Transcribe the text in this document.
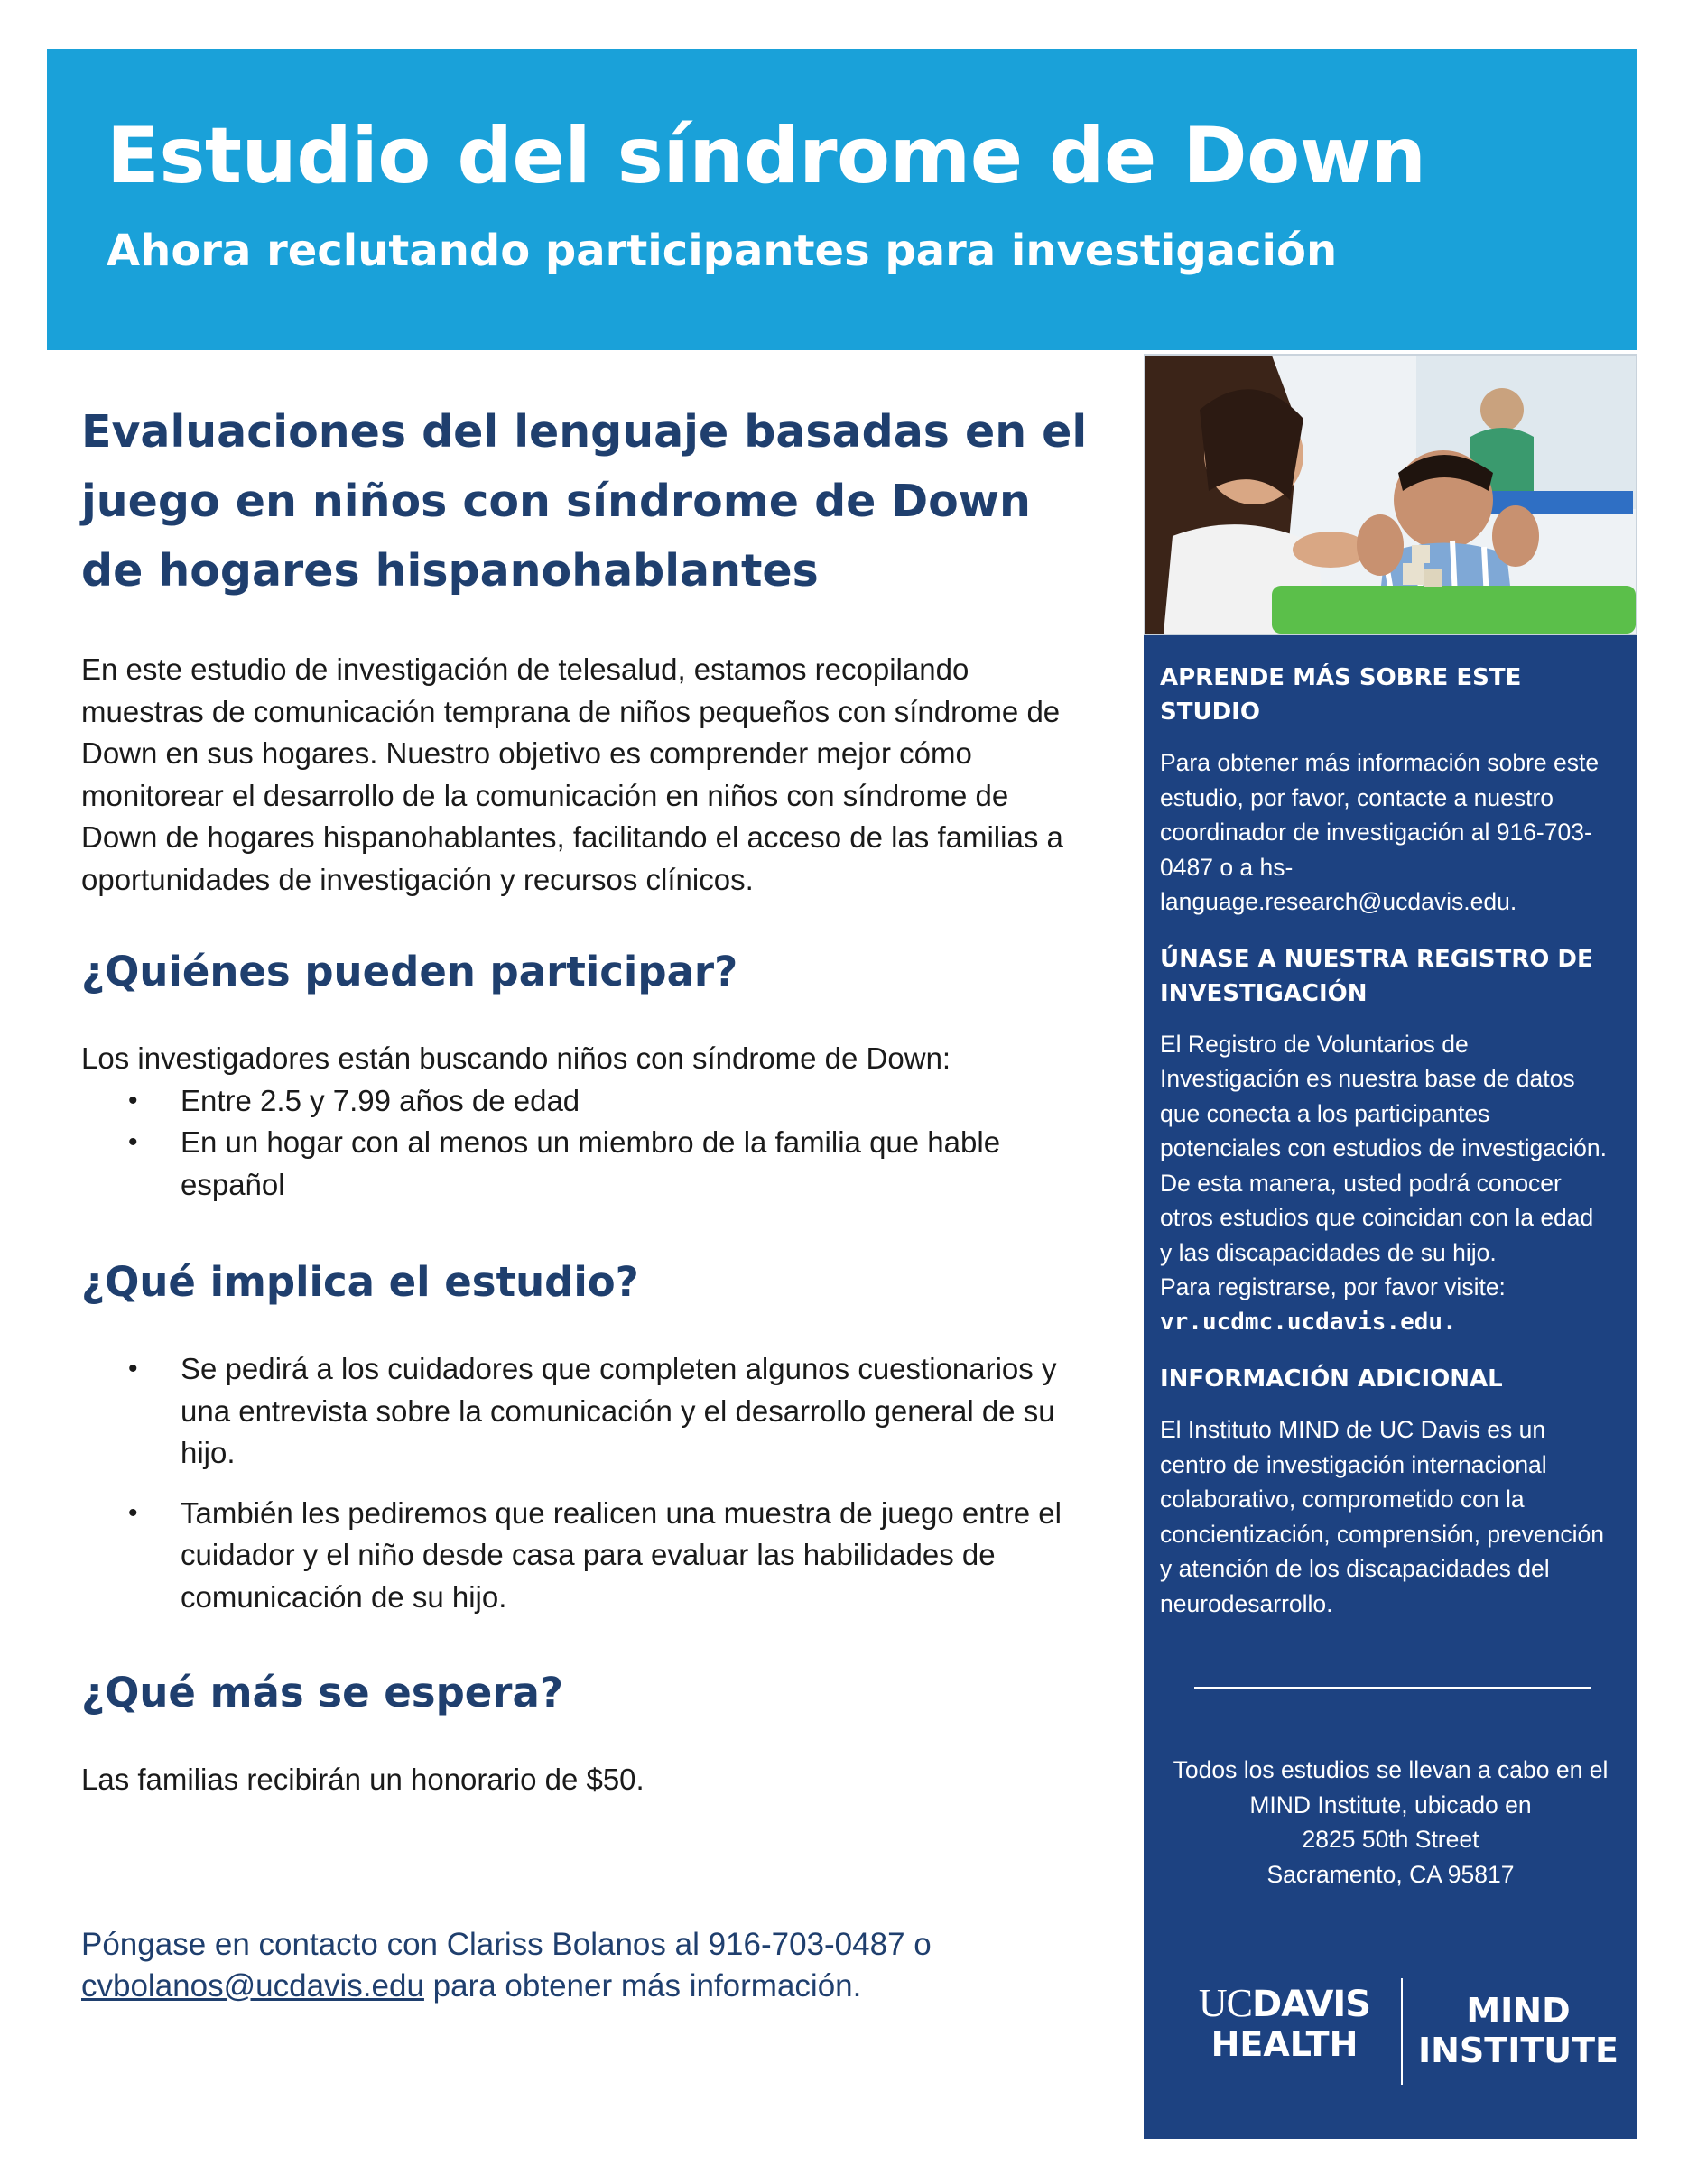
Estudio del síndrome de Down
Ahora reclutando participantes para investigación
Evaluaciones del lenguaje basadas en el
juego en niños con síndrome de Down
de hogares hispanohablantes

En este estudio de investigación de telesalud, estamos recopilando muestras de comunicación temprana de niños pequeños con síndrome de Down en sus hogares. Nuestro objetivo es comprender mejor cómo monitorear el desarrollo de la comunicación en niños con síndrome de Down de hogares hispanohablantes, facilitando el acceso de las familias a oportunidades de investigación y recursos clínicos.

¿Quiénes pueden participar?

Los investigadores están buscando niños con síndrome de Down:

• Entre 2.5 y 7.99 años de edad
• En un hogar con al menos un miembro de la familia que hable español
¿Qué implica el estudio?
• Se pedirá a los cuidadores que completen algunos cuestionarios y una entrevista sobre la comunicación y el desarrollo general de su hijo.
• También les pediremos que realicen una muestra de juego entre el cuidador y el niño desde casa para evaluar las habilidades de comunicación de su hijo.
¿Qué más se espera?

Las familias recibirán un honorario de $50.

Póngase en contacto con Clariss Bolanos al 916-703-0487 o
cvbolanos@ucdavis.edu para obtener más información.

APRENDE MÁS SOBRE ESTE STUDIO

Para obtener más información sobre este estudio, por favor, contacte a nuestro coordinador de investigación al 916-703-0487 o a hs-language.research@ucdavis.edu.

ÚNASE A NUESTRA REGISTRO DE INVESTIGACIÓN

El Registro de Voluntarios de Investigación es nuestra base de datos que conecta a los participantes potenciales con estudios de investigación. De esta manera, usted podrá conocer otros estudios que coincidan con la edad y las discapacidades de su hijo.

Para registrarse, por favor visite:

vr.ucdmc.ucdavis.edu.

INFORMACIÓN ADICIONAL

El Instituto MIND de UC Davis es un centro de investigación internacional colaborativo, comprometido con la concientización, comprensión, prevención y atención de los discapacidades del neurodesarrollo.

Todos los estudios se llevan a cabo en el
MIND Institute, ubicado en
2825 50th Street
Sacramento, CA 95817
UCDAVIS
HEALTH
MIND
INSTITUTE
